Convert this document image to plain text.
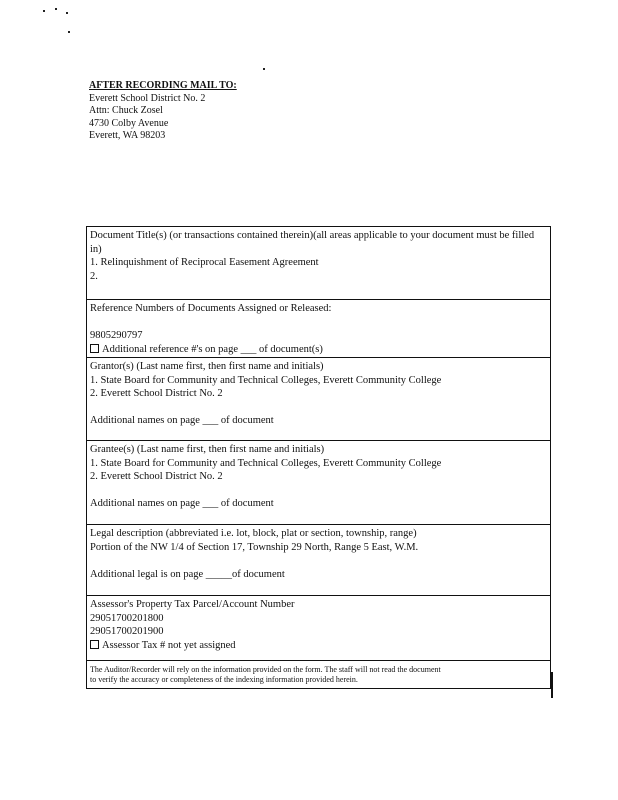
AFTER RECORDING MAIL TO:
Everett School District No. 2
Attn: Chuck Zosel
4730 Colby Avenue
Everett, WA 98203
Document Title(s) (or transactions contained therein)(all areas applicable to your document must be filled in)
1. Relinquishment of Reciprocal Easement Agreement
2.
Reference Numbers of Documents Assigned or Released:
9805290797
Additional reference #'s on page ___ of document(s)
Grantor(s) (Last name first, then first name and initials)
1. State Board for Community and Technical Colleges, Everett Community College
2. Everett School District No. 2
Additional names on page ___ of document
Grantee(s) (Last name first, then first name and initials)
1. State Board for Community and Technical Colleges, Everett Community College
2. Everett School District No. 2
Additional names on page ___ of document
Legal description (abbreviated i.e. lot, block, plat or section, township, range)
Portion of the NW 1/4 of Section 17, Township 29 North, Range 5 East, W.M.
Additional legal is on page _____of document
Assessor's Property Tax Parcel/Account Number
29051700201800
29051700201900
Assessor Tax # not yet assigned
The Auditor/Recorder will rely on the information provided on the form. The staff will not read the document
to verify the accuracy or completeness of the indexing information provided herein.
